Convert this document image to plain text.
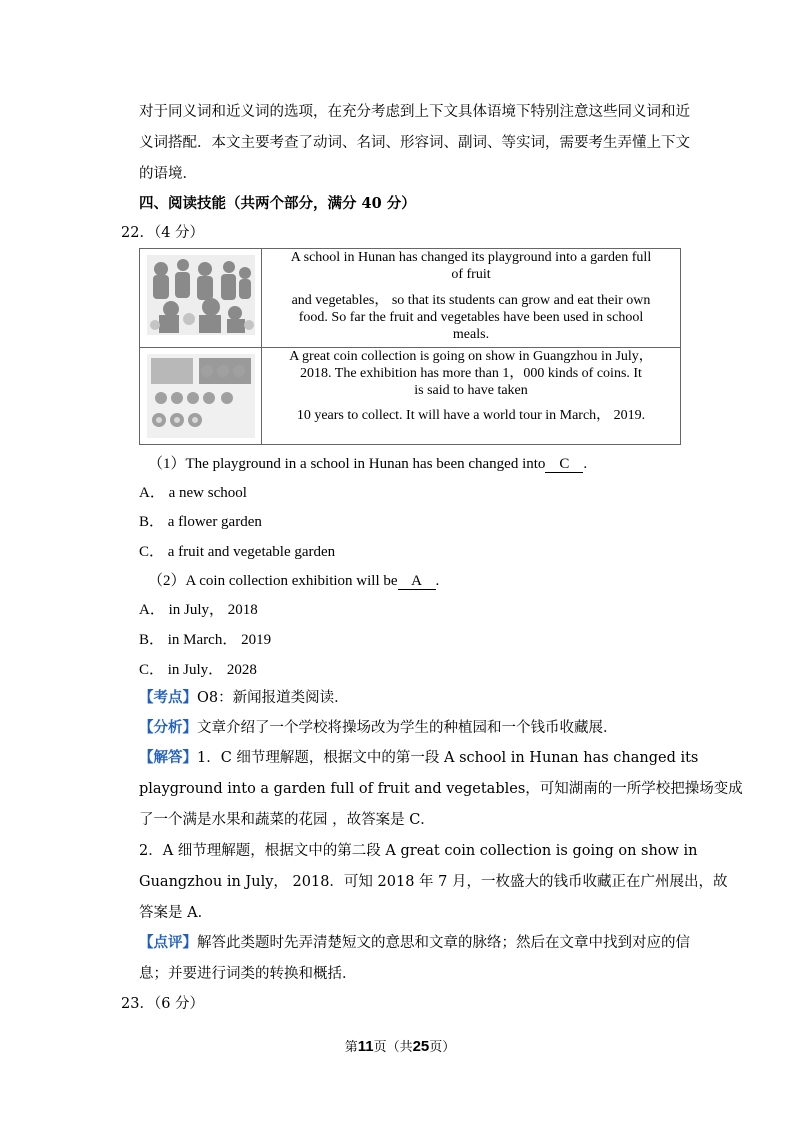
对于同义词和近义词的选项，在充分考虑到上下文具体语境下特别注意这些同义词和近
义词搭配．本文主要考查了动词、名词、形容词、副词、等实词，需要考生弄懂上下文
的语境．
四、阅读技能（共两个部分，满分 40 分）
22．（4 分）

A school in Hunan has changed its playground into a garden full

of fruit

and vegetables， so that its students can grow and eat their own

food. So far the fruit and vegetables have been used in school

meals.

A great coin collection is going on show in Guangzhou in July，

2018. The exhibition has more than 1，000 kinds of coins. It

is said to have taken

10 years to collect. It will have a world tour in March， 2019.

（1）The playground in a school in Hunan has been changed into C .
A． a new school
B． a flower garden
C． a fruit and vegetable garden
（2）A coin collection exhibition will be A .
A． in July， 2018
B． in March． 2019
C． in July． 2028
【考点】O8：新闻报道类阅读．
【分析】文章介绍了一个学校将操场改为学生的种植园和一个钱币收藏展．
【解答】1．C 细节理解题，根据文中的第一段 A school in Hunan has changed its
playground into a garden full of fruit and vegetables，可知湖南的一所学校把操场变成
了一个满是水果和蔬菜的花园 ，故答案是 C．
2．A 细节理解题，根据文中的第二段 A great coin collection is going on show in
Guangzhou in July， 2018．可知 2018 年 7 月，一枚盛大的钱币收藏正在广州展出，故
答案是 A．
【点评】解答此类题时先弄清楚短文的意思和文章的脉络；然后在文章中找到对应的信
息；并要进行词类的转换和概括．
23．（6 分）
第11页（共25页）
